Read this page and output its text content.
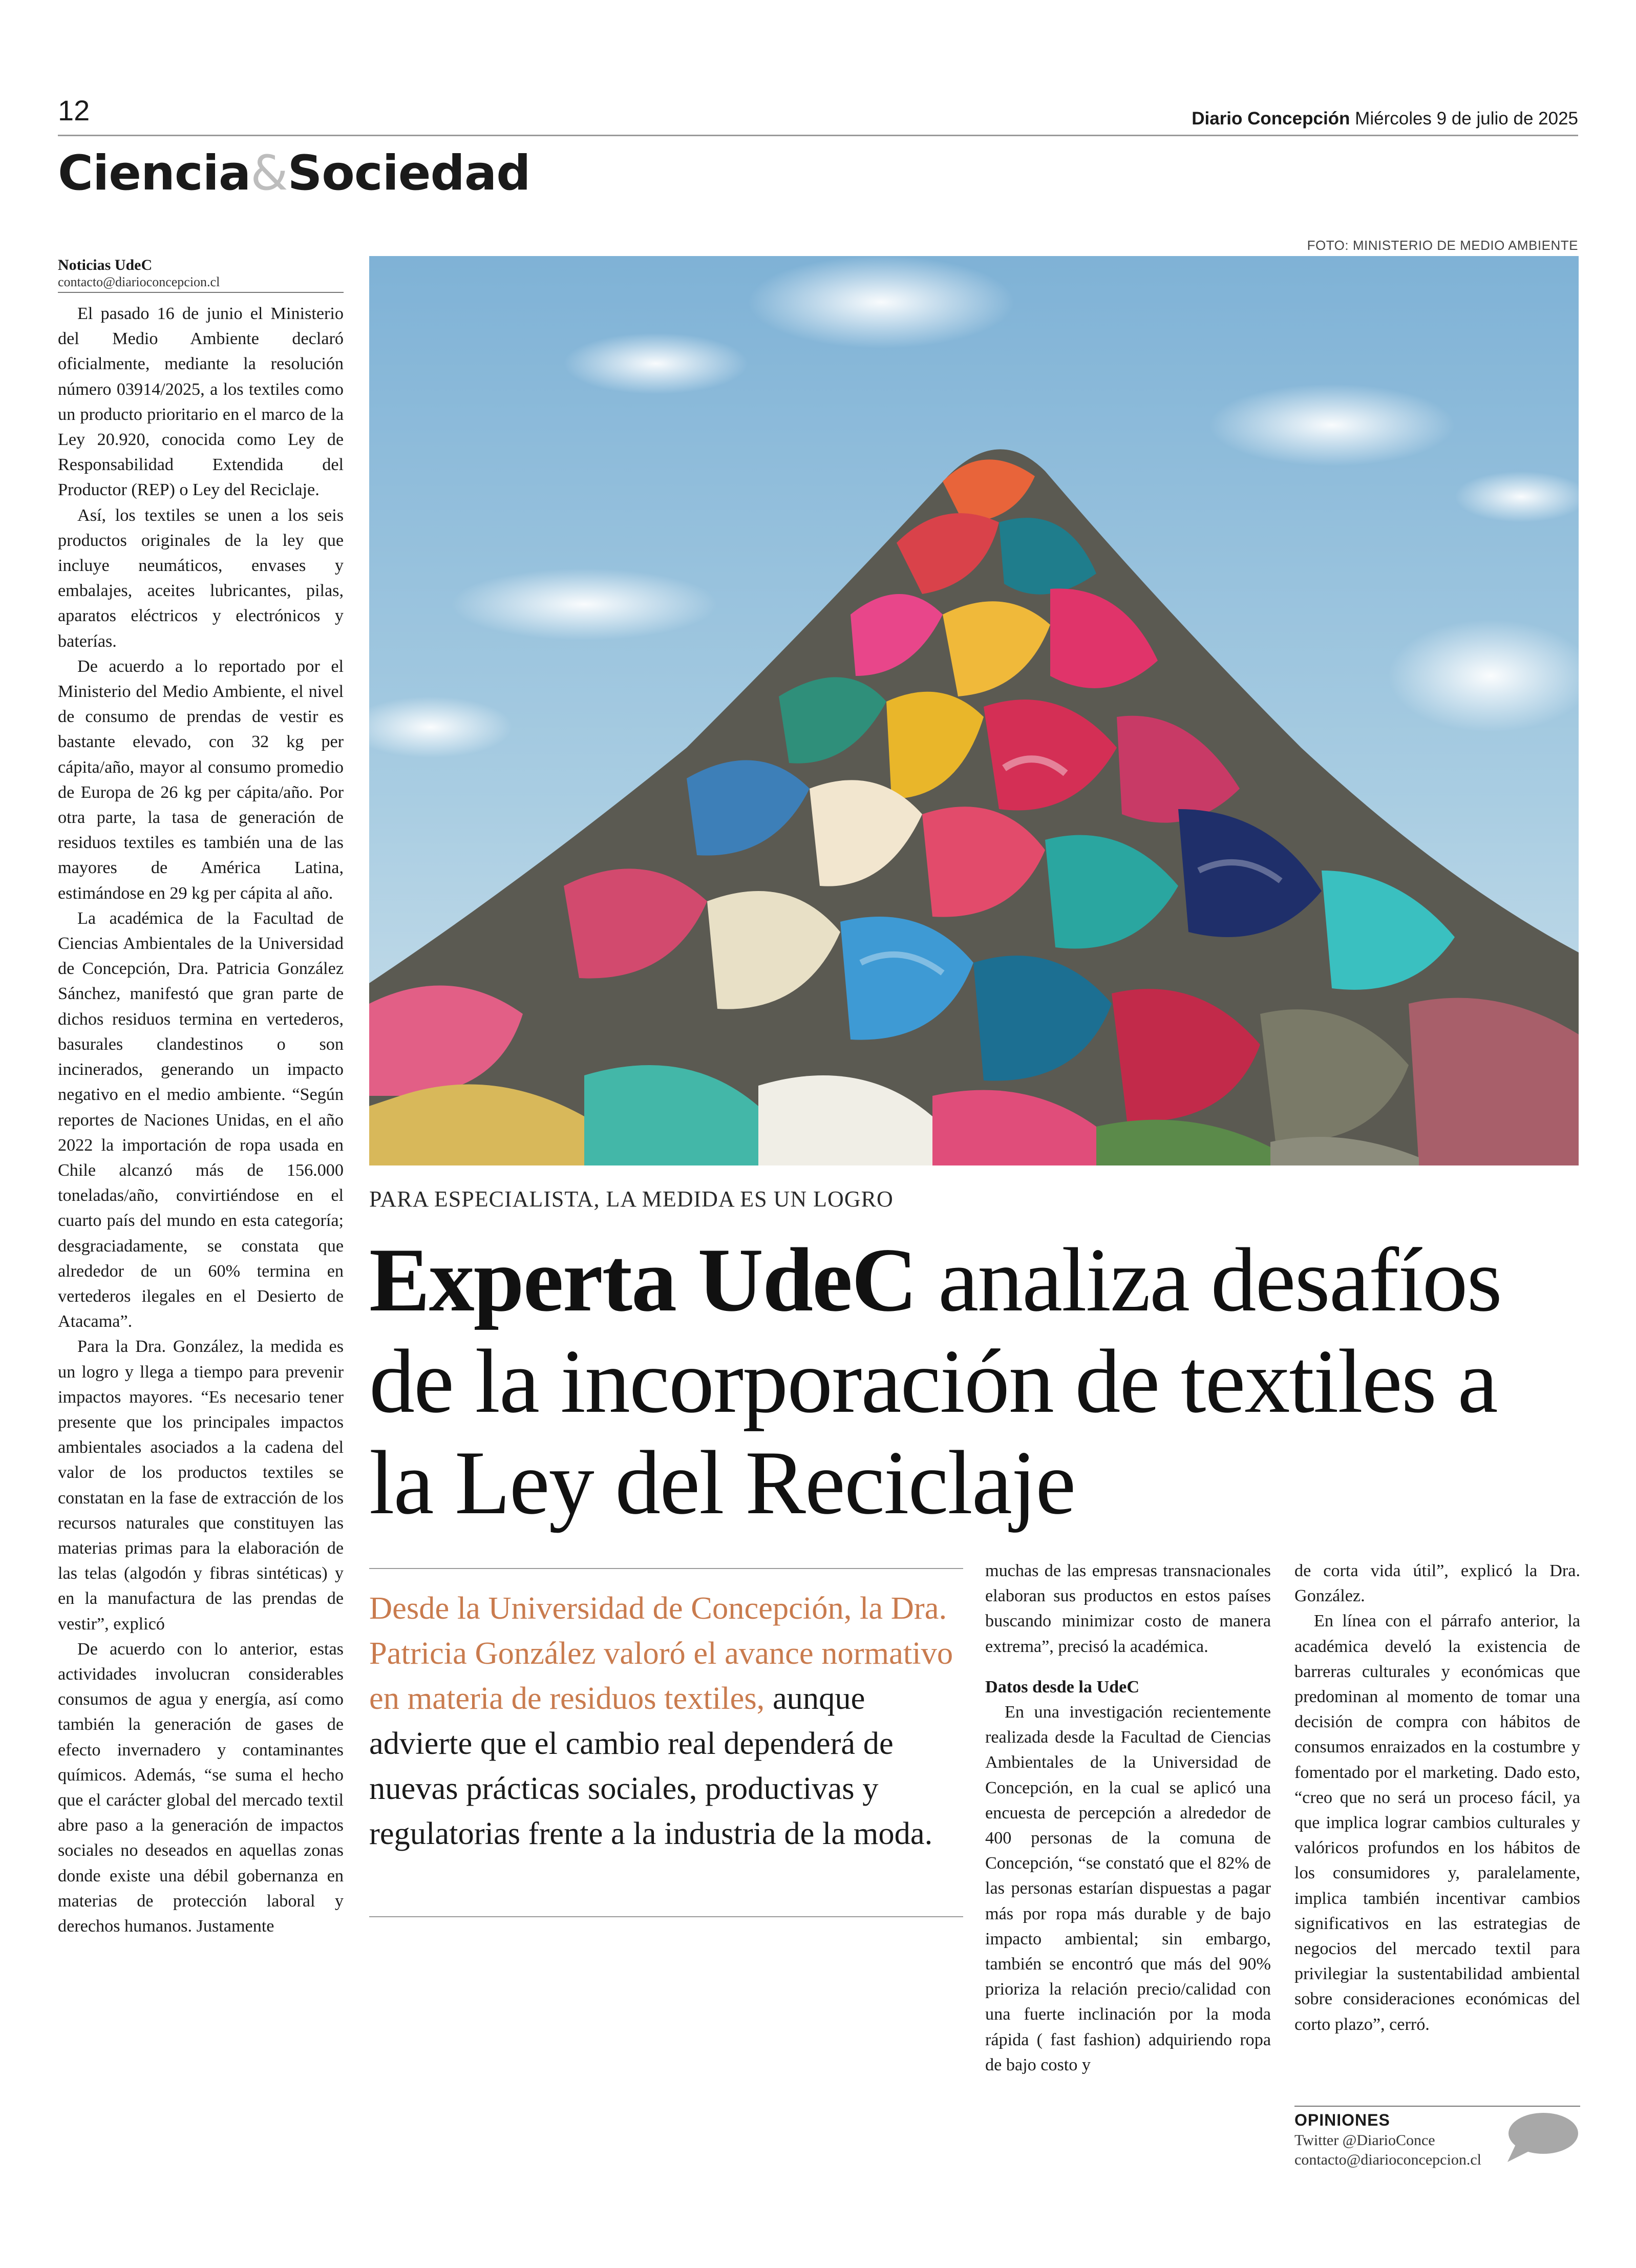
12	Diario Concepción Miércoles 9 de julio de 2025
Ciencia&Sociedad
Noticias UdeC
contacto@diarioconcepcion.cl

El pasado 16 de junio el Ministerio del Medio Ambiente declaró oficialmente, mediante la resolución número 03914/2025, a los textiles como un producto prioritario en el marco de la Ley 20.920, conocida como Ley de Responsabilidad Extendida del Productor (REP) o Ley del Reciclaje.

Así, los textiles se unen a los seis productos originales de la ley que incluye neumáticos, envases y embalajes, aceites lubricantes, pilas, aparatos eléctricos y electrónicos y baterías.

De acuerdo a lo reportado por el Ministerio del Medio Ambiente, el nivel de consumo de prendas de vestir es bastante elevado, con 32 kg per cápita/año, mayor al consumo promedio de Europa de 26 kg per cápita/año. Por otra parte, la tasa de generación de residuos textiles es también una de las mayores de América Latina, estimándose en 29 kg per cápita al año.

La académica de la Facultad de Ciencias Ambientales de la Universidad de Concepción, Dra. Patricia González Sánchez, manifestó que gran parte de dichos residuos termina en vertederos, basurales clandestinos o son incinerados, generando un impacto negativo en el medio ambiente. “Según reportes de Naciones Unidas, en el año 2022 la importación de ropa usada en Chile alcanzó más de 156.000 toneladas/año, convirtiéndose en el cuarto país del mundo en esta categoría; desgraciadamente, se constata que alrededor de un 60% termina en vertederos ilegales en el Desierto de Atacama”.

Para la Dra. González, la medida es un logro y llega a tiempo para prevenir impactos mayores. “Es necesario tener presente que los principales impactos ambientales asociados a la cadena del valor de los productos textiles se constatan en la fase de extracción de los recursos naturales que constituyen las materias primas para la elaboración de las telas (algodón y fibras sintéticas) y en la manufactura de las prendas de vestir”, explicó

De acuerdo con lo anterior, estas actividades involucran considerables consumos de agua y energía, así como también la generación de gases de efecto invernadero y contaminantes químicos. Además, “se suma el hecho que el carácter global del mercado textil abre paso a la generación de impactos sociales no deseados en aquellas zonas donde existe una débil gobernanza en materias de protección laboral y derechos humanos. Justamente

FOTO: MINISTERIO DE MEDIO AMBIENTE
PARA ESPECIALISTA, LA MEDIDA ES UN LOGRO
Experta UdeC analiza desafíos de la incorporación de textiles a la Ley del Reciclaje
Desde la Universidad de Concepción, la Dra. Patricia González valoró el avance normativo en materia de residuos textiles, aunque advierte que el cambio real dependerá de nuevas prácticas sociales, productivas y regulatorias frente a la industria de la moda.

muchas de las empresas transnacionales elaboran sus productos en estos países buscando minimizar costo de manera extrema”, precisó la académica.

Datos desde la UdeC

En una investigación recientemente realizada desde la Facultad de Ciencias Ambientales de la Universidad de Concepción, en la cual se aplicó una encuesta de percepción a alrededor de 400 personas de la comuna de Concepción, “se constató que el 82% de las personas estarían dispuestas a pagar más por ropa más durable y de bajo impacto ambiental; sin embargo, también se encontró que más del 90% prioriza la relación precio/calidad con una fuerte inclinación por la moda rápida ( fast fashion) adquiriendo ropa de bajo costo y

de corta vida útil”, explicó la Dra. González.

En línea con el párrafo anterior, la académica develó la existencia de barreras culturales y económicas que predominan al momento de tomar una decisión de compra con hábitos de consumos enraizados en la costumbre y fomentado por el marketing. Dado esto, “creo que no será un proceso fácil, ya que implica lograr cambios culturales y valóricos profundos en los hábitos de los consumidores y, paralelamente, implica también incentivar cambios significativos en las estrategias de negocios del mercado textil para privilegiar la sustentabilidad ambiental sobre consideraciones económicas del corto plazo”, cerró.

OPINIONES
Twitter @DiarioConce
contacto@diarioconcepcion.cl
